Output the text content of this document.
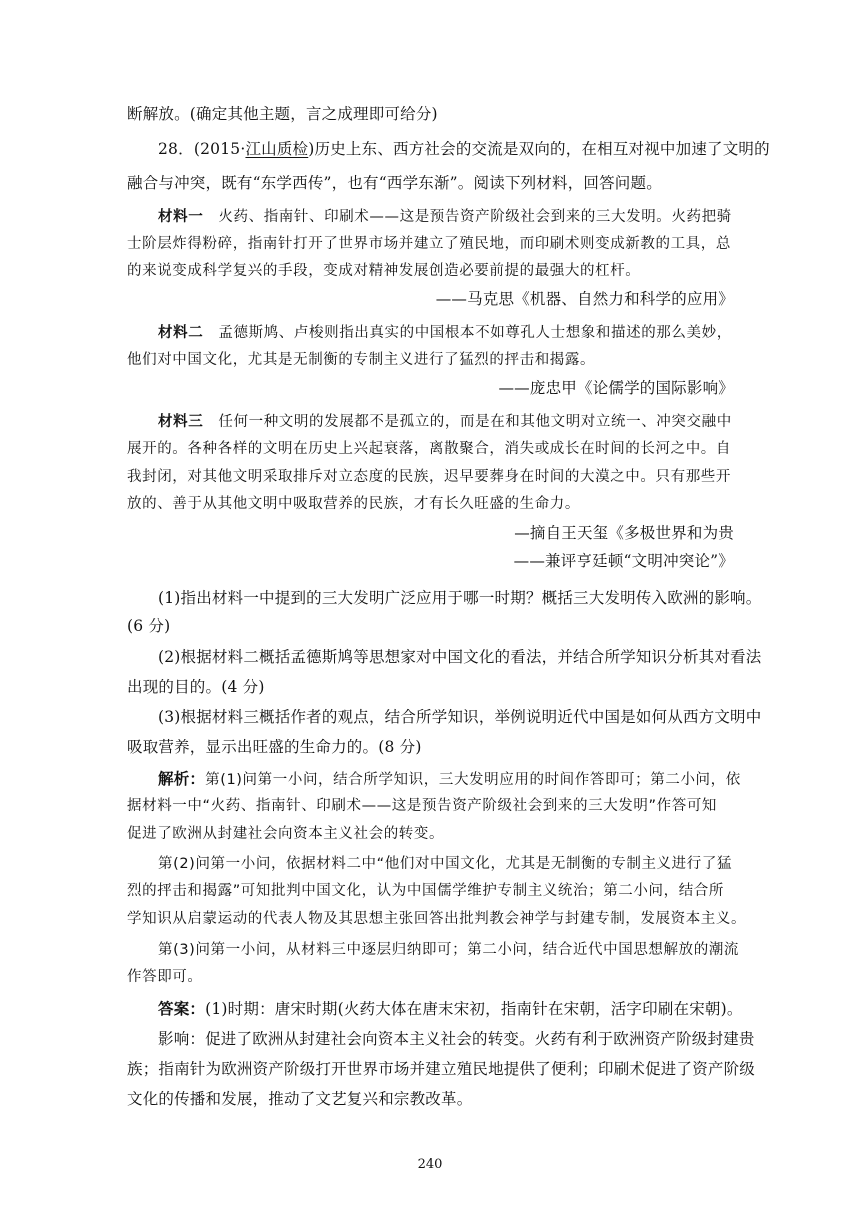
断解放。(确定其他主题，言之成理即可给分)
28．(2015·江山质检)历史上东、西方社会的交流是双向的，在相互对视中加速了文明的
融合与冲突，既有“东学西传”，也有“西学东渐”。阅读下列材料，回答问题。
材料一　火药、指南针、印刷术——这是预告资产阶级社会到来的三大发明。火药把骑
士阶层炸得粉碎，指南针打开了世界市场并建立了殖民地，而印刷术则变成新教的工具，总
的来说变成科学复兴的手段，变成对精神发展创造必要前提的最强大的杠杆。
——马克思《机器、自然力和科学的应用》
材料二　孟德斯鸠、卢梭则指出真实的中国根本不如尊孔人士想象和描述的那么美妙，
他们对中国文化，尤其是无制衡的专制主义进行了猛烈的抨击和揭露。
——庞忠甲《论儒学的国际影响》
材料三　任何一种文明的发展都不是孤立的，而是在和其他文明对立统一、冲突交融中
展开的。各种各样的文明在历史上兴起衰落，离散聚合，消失或成长在时间的长河之中。自
我封闭，对其他文明采取排斥对立态度的民族，迟早要葬身在时间的大漠之中。只有那些开
放的、善于从其他文明中吸取营养的民族，才有长久旺盛的生命力。
—摘自王天玺《多极世界和为贵
——兼评亨廷顿“文明冲突论”》
(1)指出材料一中提到的三大发明广泛应用于哪一时期？概括三大发明传入欧洲的影响。
(6 分)
(2)根据材料二概括孟德斯鸠等思想家对中国文化的看法，并结合所学知识分析其对看法
出现的目的。(4 分)
(3)根据材料三概括作者的观点，结合所学知识，举例说明近代中国是如何从西方文明中
吸取营养，显示出旺盛的生命力的。(8 分)
解析：第(1)问第一小问，结合所学知识，三大发明应用的时间作答即可；第二小问，依
据材料一中“火药、指南针、印刷术——这是预告资产阶级社会到来的三大发明”作答可知
促进了欧洲从封建社会向资本主义社会的转变。
第(2)问第一小问，依据材料二中“他们对中国文化，尤其是无制衡的专制主义进行了猛
烈的抨击和揭露”可知批判中国文化，认为中国儒学维护专制主义统治；第二小问，结合所
学知识从启蒙运动的代表人物及其思想主张回答出批判教会神学与封建专制，发展资本主义。
第(3)问第一小问，从材料三中逐层归纳即可；第二小问，结合近代中国思想解放的潮流
作答即可。
答案：(1)时期：唐宋时期(火药大体在唐末宋初，指南针在宋朝，活字印刷在宋朝)。
影响：促进了欧洲从封建社会向资本主义社会的转变。火药有利于欧洲资产阶级封建贵
族；指南针为欧洲资产阶级打开世界市场并建立殖民地提供了便利；印刷术促进了资产阶级
文化的传播和发展，推动了文艺复兴和宗教改革。
240
